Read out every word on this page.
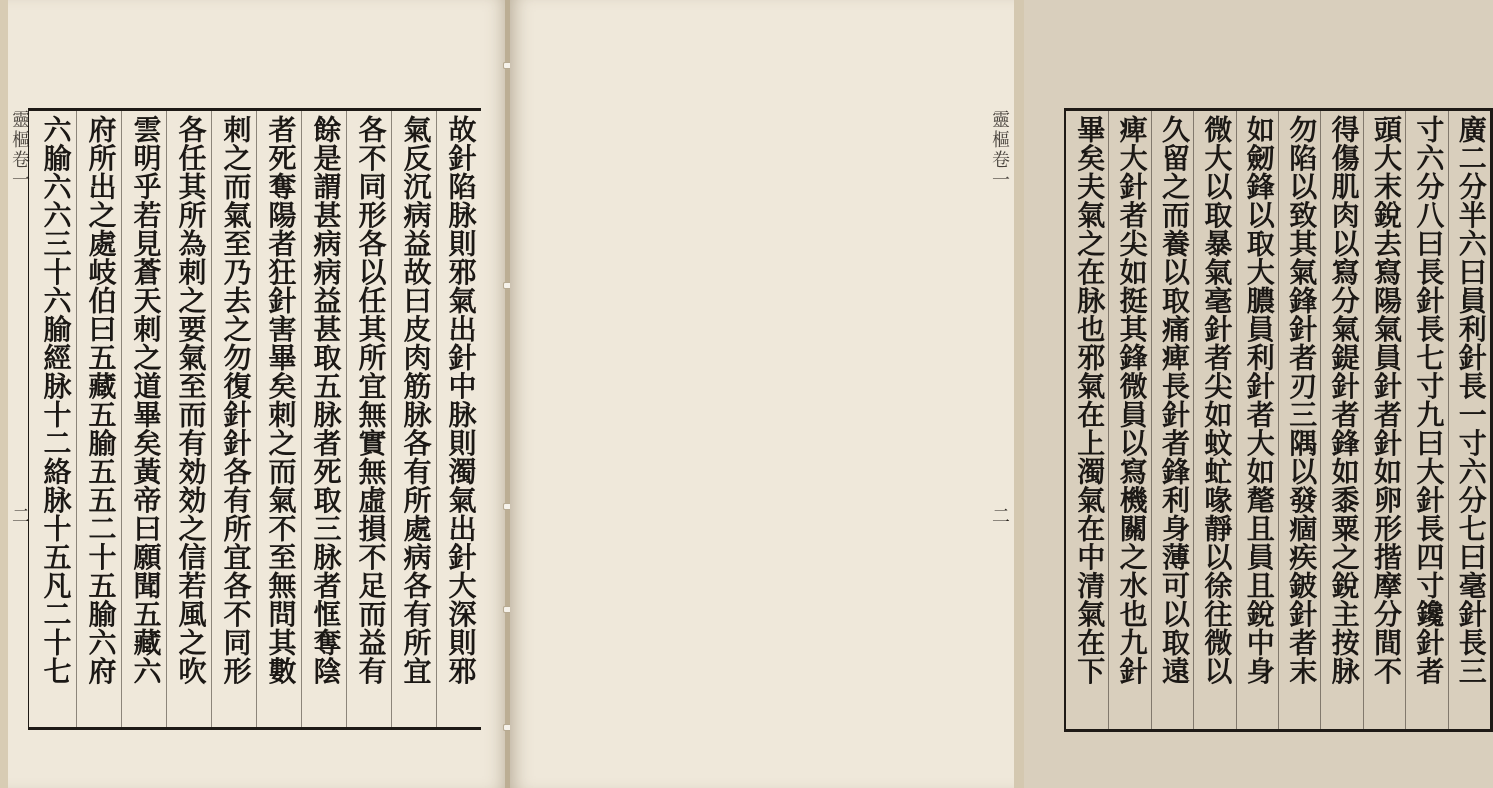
靈樞卷一
二	故針陷脉則邪氣出針中脉則濁氣出針大深則邪
氣反沉病益故曰皮肉筋脉各有所處病各有所宜
各不同形各以任其所宜無實無虛損不足而益有
餘是謂甚病病益甚取五脉者死取三脉者恇奪陰
者死奪陽者狂針害畢矣刺之而氣不至無問其數
刺之而氣至乃去之勿復針針各有所宜各不同形
各任其所為刺之要氣至而有効効之信若風之吹
雲明乎若見蒼天刺之道畢矣黃帝曰願聞五藏六
府所出之處岐伯曰五藏五腧五五二十五腧六府
六腧六六三十六腧經脉十二絡脉十五凡二十七	廣二分半六曰員利針長一寸六分七曰毫針長三
寸六分八曰長針長七寸九曰大針長四寸鑱針者
頭大末銳去寫陽氣員針者針如卵形揩摩分間不
得傷肌肉以寫分氣鍉針者鋒如黍粟之銳主按脉
勿陷以致其氣鋒針者刃三隅以發痼疾鈹針者末
如劒鋒以取大膿員利針者大如氂且員且銳中身
微大以取暴氣毫針者尖如蚊虻喙靜以徐往微以
久留之而養以取痛痺長針者鋒利身薄可以取遠
痺大針者尖如挺其鋒微員以寫機關之水也九針
畢矣夫氣之在脉也邪氣在上濁氣在中清氣在下
靈樞卷一
二
